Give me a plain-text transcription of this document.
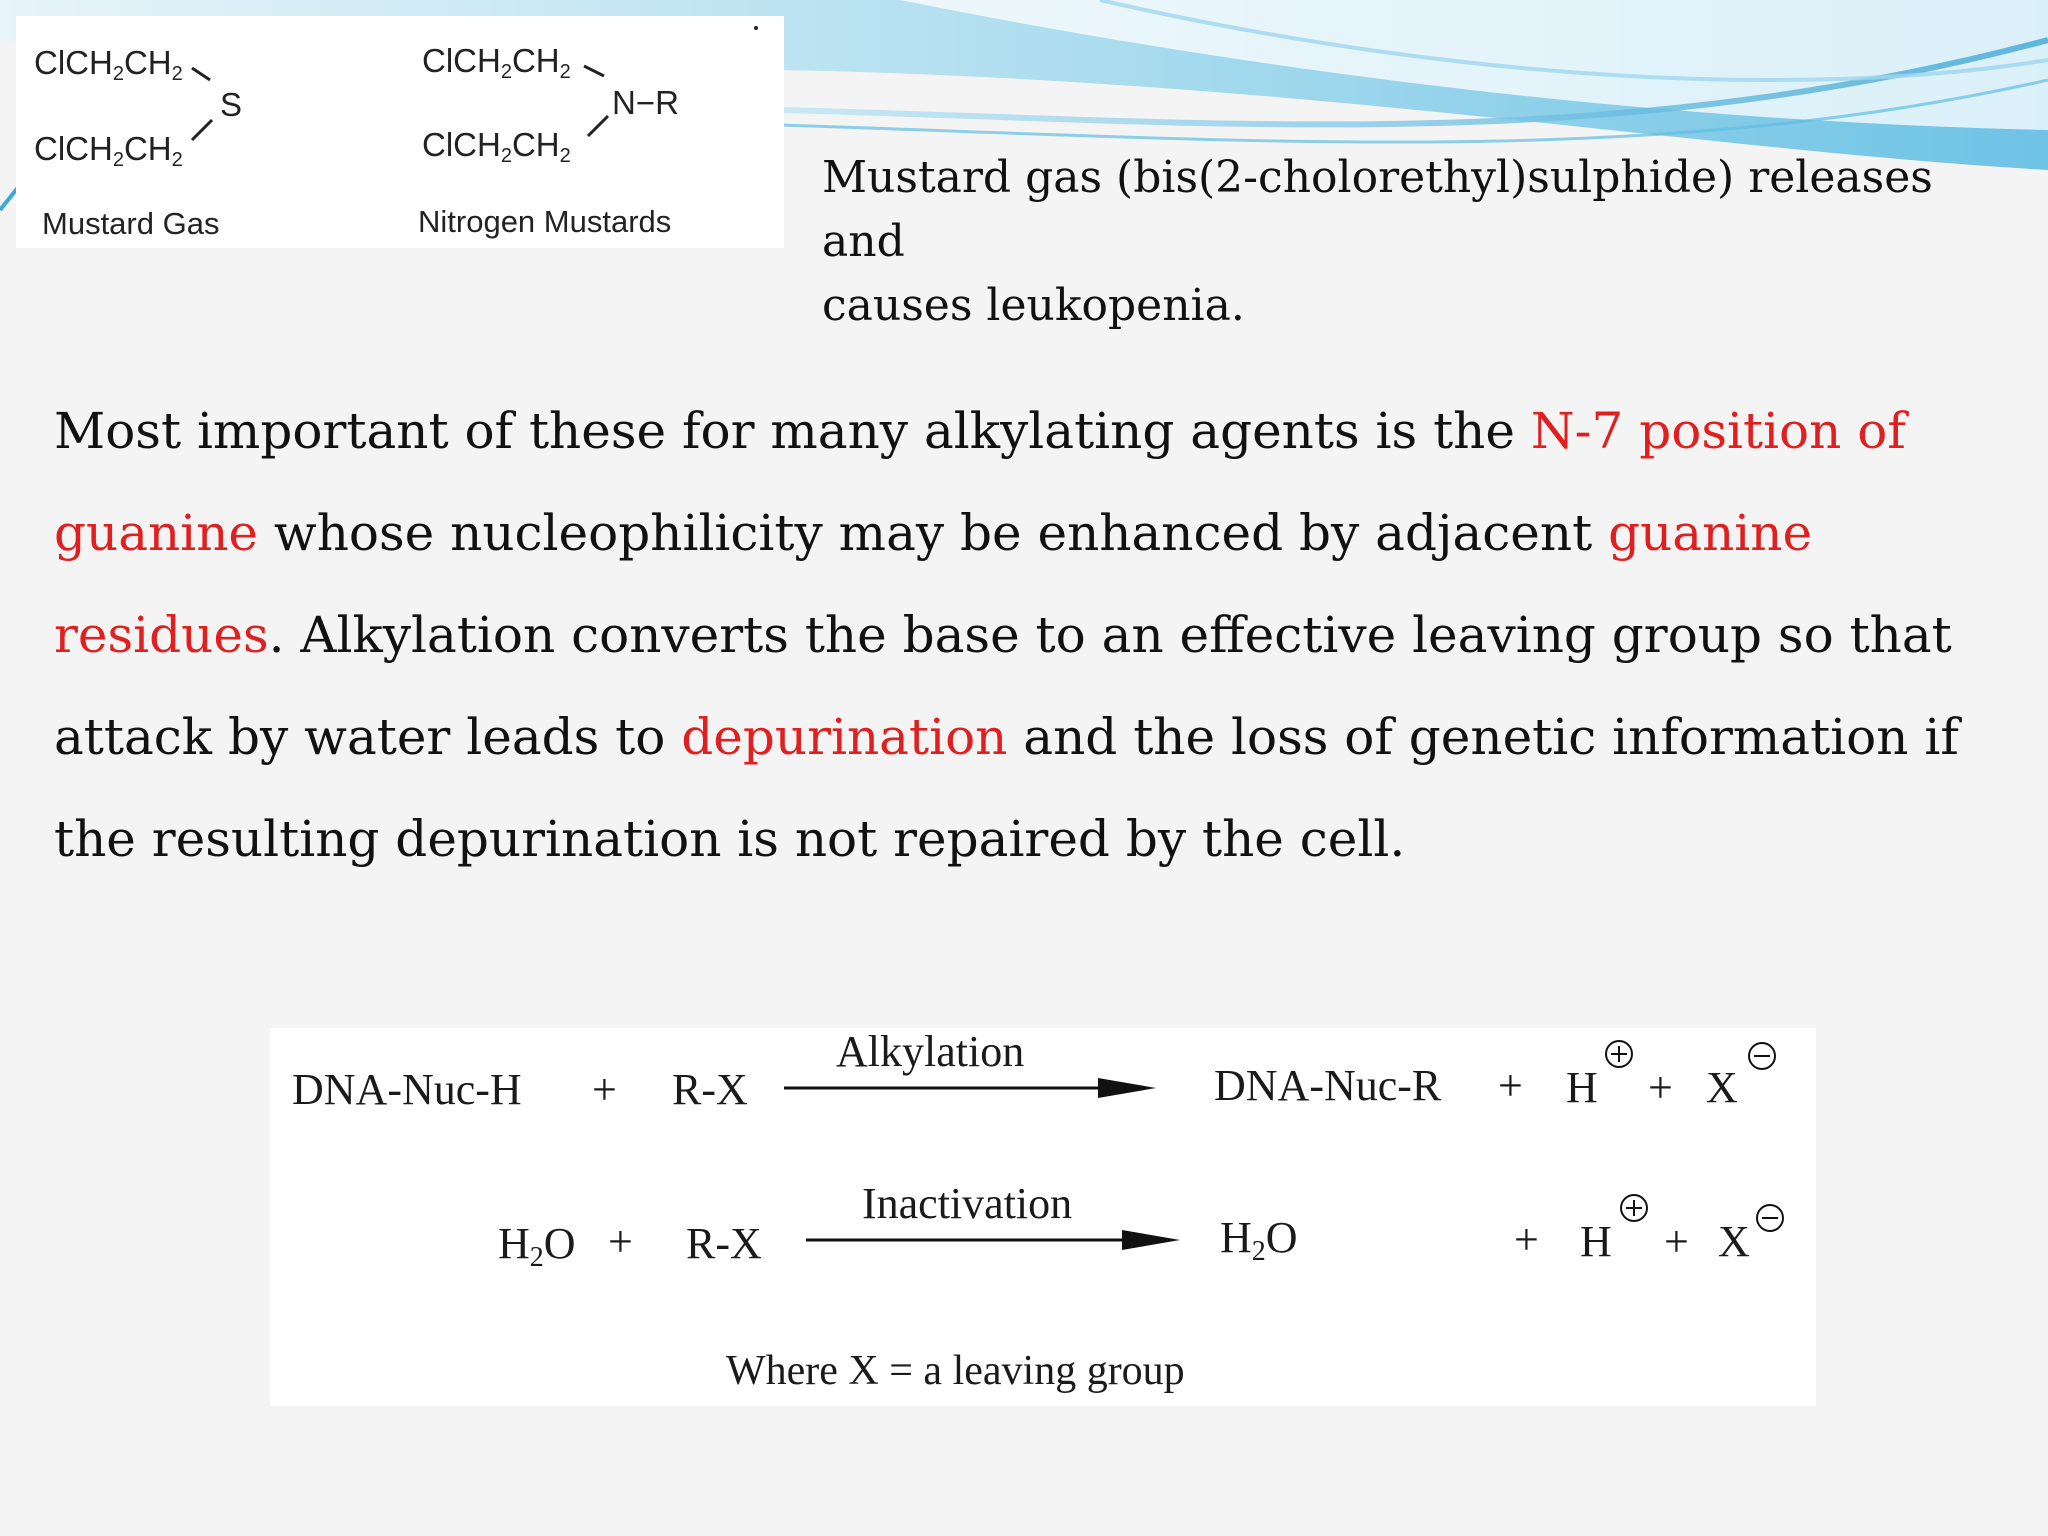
$ClCH_2CH_2$
S
$ClCH_2CH_2$
Mustard Gas
$ClCH_2CH_2$
N−R
$ClCH_2CH_2$
Nitrogen Mustards
Mustard gas (bis(2-cholorethyl)sulphide) releases and
causes leukopenia.
Most important of these for many alkylating agents is the N-7 position of guanine whose nucleophilicity may be enhanced by adjacent guanine residues. Alkylation converts the base to an effective leaving group so that attack by water leads to depurination and the loss of genetic information if the resulting depurination is not repaired by the cell.
DNA-Nuc-H + R-X
Alkylation
DNA-Nuc-R + H + X
$H_2O + R-X$
Inactivation
$H_2O$	+ H + X
Where X = a leaving group
